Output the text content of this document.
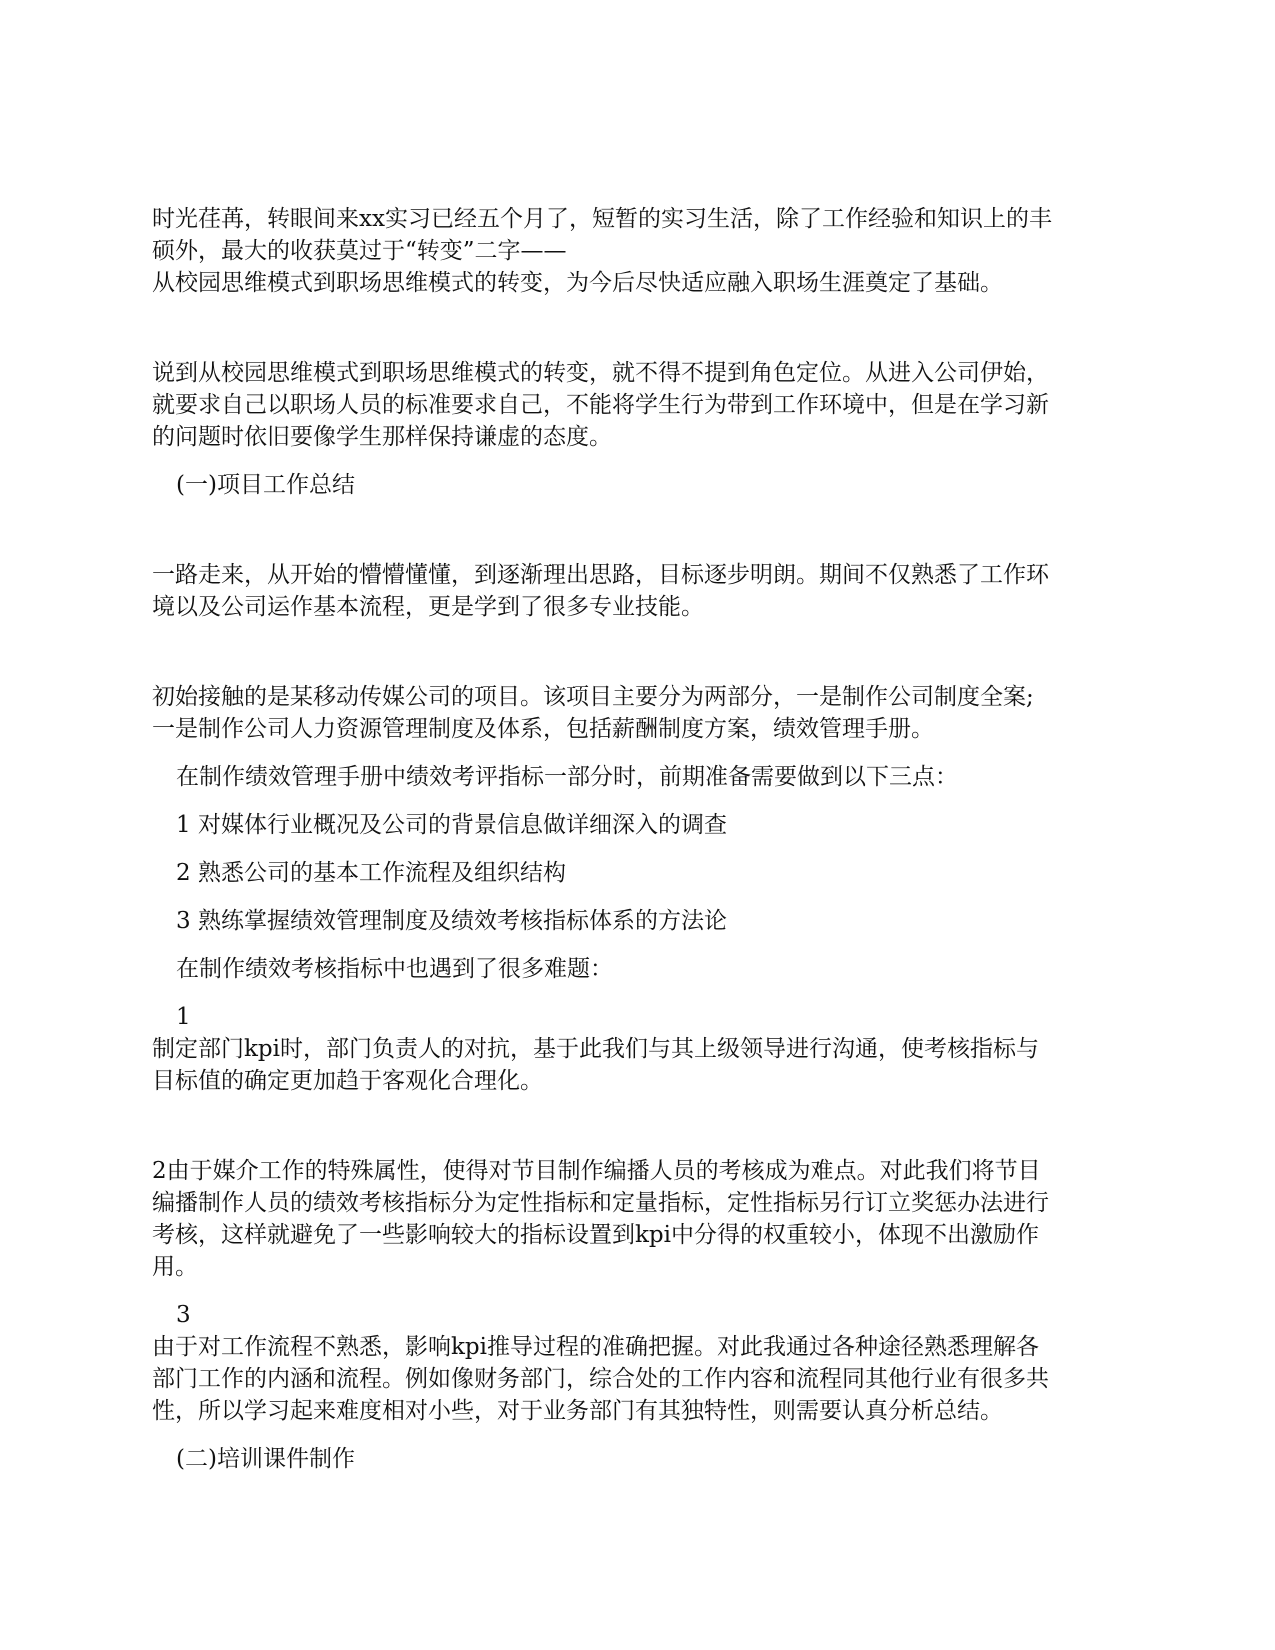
时光荏苒，转眼间来xx实习已经五个月了，短暂的实习生活，除了工作经验和知识上的丰
硕外，最大的收获莫过于“转变”二字——
从校园思维模式到职场思维模式的转变，为今后尽快适应融入职场生涯奠定了基础。
说到从校园思维模式到职场思维模式的转变，就不得不提到角色定位。从进入公司伊始，
就要求自己以职场人员的标准要求自己，不能将学生行为带到工作环境中，但是在学习新
的问题时依旧要像学生那样保持谦虚的态度。
(一)项目工作总结
一路走来，从开始的懵懵懂懂，到逐渐理出思路，目标逐步明朗。期间不仅熟悉了工作环
境以及公司运作基本流程，更是学到了很多专业技能。
初始接触的是某移动传媒公司的项目。该项目主要分为两部分，一是制作公司制度全案;
一是制作公司人力资源管理制度及体系，包括薪酬制度方案，绩效管理手册。
在制作绩效管理手册中绩效考评指标一部分时，前期准备需要做到以下三点：
1 对媒体行业概况及公司的背景信息做详细深入的调查
2 熟悉公司的基本工作流程及组织结构
3 熟练掌握绩效管理制度及绩效考核指标体系的方法论
在制作绩效考核指标中也遇到了很多难题：
1
制定部门kpi时，部门负责人的对抗，基于此我们与其上级领导进行沟通，使考核指标与
目标值的确定更加趋于客观化合理化。
2由于媒介工作的特殊属性，使得对节目制作编播人员的考核成为难点。对此我们将节目
编播制作人员的绩效考核指标分为定性指标和定量指标，定性指标另行订立奖惩办法进行
考核，这样就避免了一些影响较大的指标设置到kpi中分得的权重较小，体现不出激励作
用。
3
由于对工作流程不熟悉，影响kpi推导过程的准确把握。对此我通过各种途径熟悉理解各
部门工作的内涵和流程。例如像财务部门，综合处的工作内容和流程同其他行业有很多共
性，所以学习起来难度相对小些，对于业务部门有其独特性，则需要认真分析总结。
(二)培训课件制作
